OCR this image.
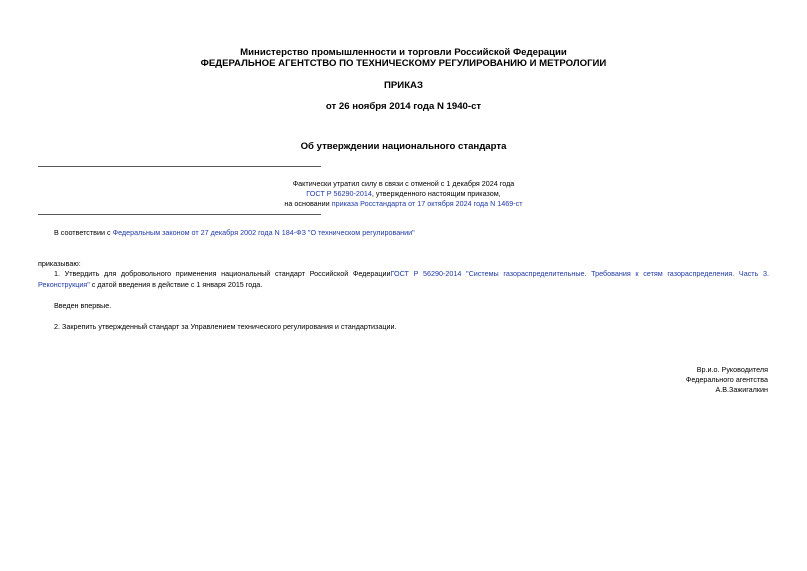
Министерство промышленности и торговли Российской Федерации
ФЕДЕРАЛЬНОЕ АГЕНТСТВО ПО ТЕХНИЧЕСКОМУ РЕГУЛИРОВАНИЮ И МЕТРОЛОГИИ
ПРИКАЗ
от 26 ноября 2014 года N 1940-ст
Об утверждении национального стандарта
Фактически утратил силу в связи с отменой с 1 декабря 2024 года
ГОСТ Р 56290-2014, утвержденного настоящим приказом,
на основании приказа Росстандарта от 17 октября 2024 года N 1469-ст
В соответствии с Федеральным законом от 27 декабря 2002 года N 184-ФЗ "О техническом регулировании"
приказываю:
1. Утвердить для добровольного применения национальный стандарт Российской ФедерацииГОСТ Р 56290-2014 "Системы газораспределительные. Требования к сетям газораспределения. Часть 3. Реконструкция" с датой введения в действие с 1 января 2015 года.
Введен впервые.
2. Закрепить утвержденный стандарт за Управлением технического регулирования и стандартизации.
Вр.и.о. Руководителя
Федерального агентства
А.В.Зажигалкин
